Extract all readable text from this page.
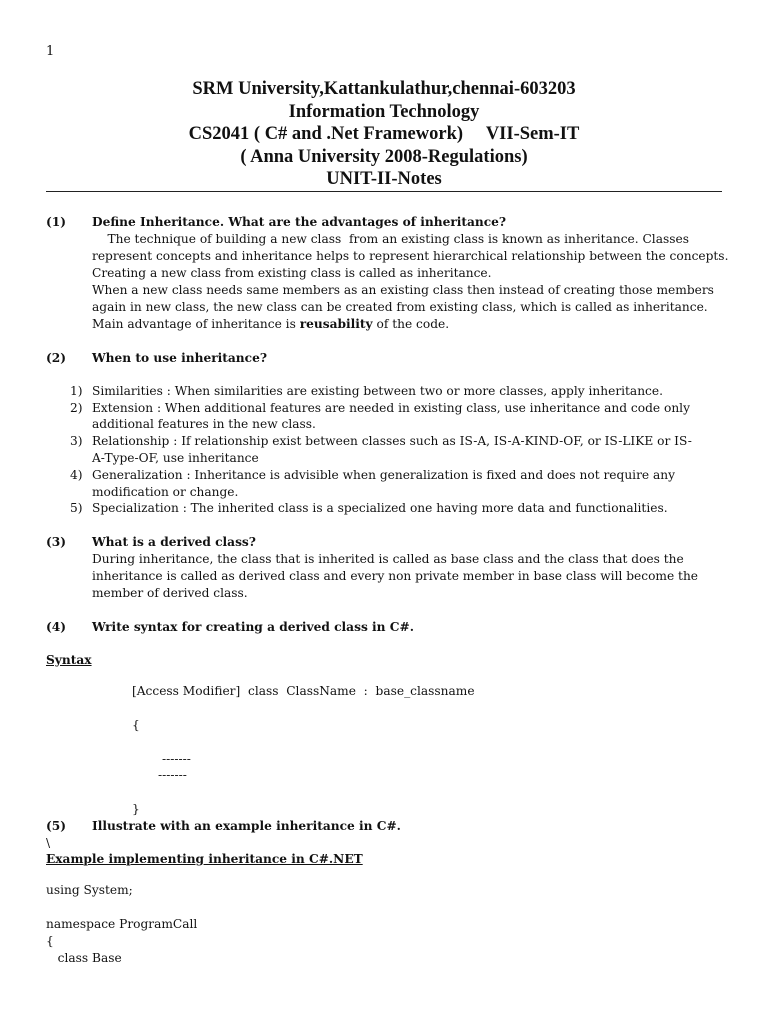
1
SRM University,Kattankulathur,chennai-603203
Information Technology
CS2041 ( C# and .Net Framework)     VII-Sem-IT
( Anna University 2008-Regulations)
UNIT-II-Notes
(1) Define Inheritance. What are the advantages of inheritance?
The technique of building a new class  from an existing class is known as inheritance. Classes
represent concepts and inheritance helps to represent hierarchical relationship between the concepts.
Creating a new class from existing class is called as inheritance.
When a new class needs same members as an existing class then instead of creating those members
again in new class, the new class can be created from existing class, which is called as inheritance.
Main advantage of inheritance is reusability of the code.
(2) When to use inheritance?
1) Similarities : When similarities are existing between two or more classes, apply inheritance.
2) Extension : When additional features are needed in existing class, use inheritance and code only
additional features in the new class.
3) Relationship : If relationship exist between classes such as IS-A, IS-A-KIND-OF, or IS-LIKE or IS-
A-Type-OF, use inheritance
4) Generalization : Inheritance is advisible when generalization is fixed and does not require any
modification or change.
5) Specialization : The inherited class is a specialized one having more data and functionalities.
(3) What is a derived class?
During inheritance, the class that is inherited is called as base class and the class that does the
inheritance is called as derived class and every non private member in base class will become the
member of derived class.
(4) Write syntax for creating a derived class in C#.
Syntax
[Access Modifier]  class  ClassName  :  base_classname
{
-------
-------
}
(5) Illustrate with an example inheritance in C#.
\
Example implementing inheritance in C#.NET
using System;
namespace ProgramCall
{
class Base
